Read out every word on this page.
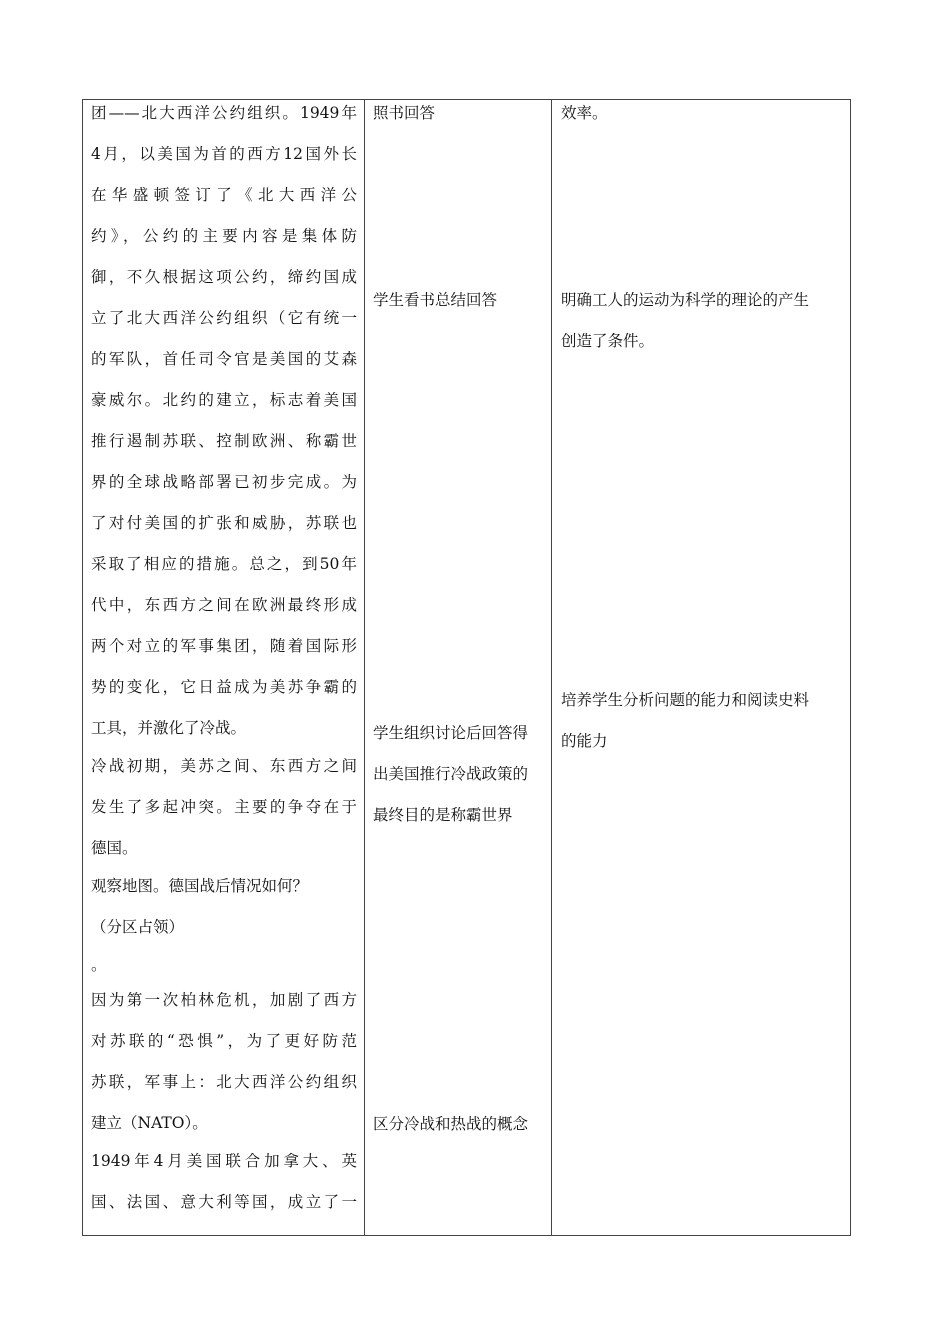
团——北大西洋公约组织。1949年
4月，以美国为首的西方12国外长
在华盛顿签订了《北大西洋公
约》，公约的主要内容是集体防
御，不久根据这项公约，缔约国成
立了北大西洋公约组织（它有统一
的军队，首任司令官是美国的艾森
豪威尔。北约的建立，标志着美国
推行遏制苏联、控制欧洲、称霸世
界的全球战略部署已初步完成。为
了对付美国的扩张和威胁，苏联也
采取了相应的措施。总之，到50年
代中，东西方之间在欧洲最终形成
两个对立的军事集团，随着国际形
势的变化，它日益成为美苏争霸的
工具，并激化了冷战。
冷战初期，美苏之间、东西方之间
发生了多起冲突。主要的争夺在于
德国。
观察地图。德国战后情况如何？
（分区占领）
。
因为第一次柏林危机，加剧了西方
对苏联的“恐惧”，为了更好防范
苏联，军事上：北大西洋公约组织
建立（NATO）。
1949年4月美国联合加拿大、英
国、法国、意大利等国，成立了一
照书回答
学生看书总结回答
学生组织讨论后回答得
出美国推行冷战政策的
最终目的是称霸世界
区分冷战和热战的概念
效率。
明确工人的运动为科学的理论的产生
创造了条件。
培养学生分析问题的能力和阅读史料
的能力
